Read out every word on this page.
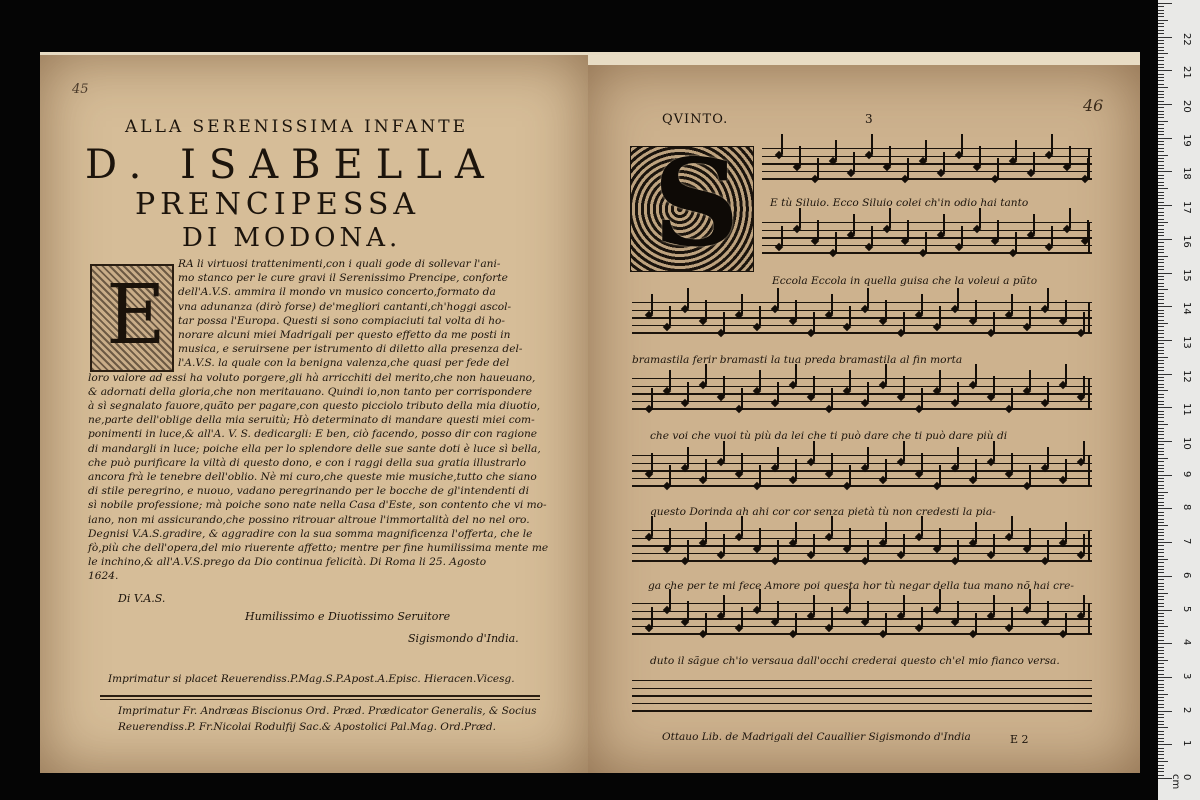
45
ALLA SERENISSIMA INFANTE
D. ISABELLA
PRENCIPESSA
DI MODONA.
E
RA li virtuosi trattenimenti,con i quali gode di sollevar l'ani-
mo stanco per le cure gravi il Serenissimo Prencipe, conforte
dell'A.V.S. ammira il mondo vn musico concerto,formato da
vna adunanza (dirò forse) de'megliori cantanti,ch'hoggi ascol-
tar possa l'Europa. Questi si sono compiaciuti tal volta di ho-
norare alcuni miei Madrigali per questo effetto da me posti in
musica, e seruirsene per istrumento di diletto alla presenza del-
l'A.V.S. la quale con la benigna valenza,che quasi per fede del
loro valore ad essi ha voluto porgere,gli hà arricchiti del merito,che non haueuano,
& adornati della gloria,che non meritauano. Quindi io,non tanto per corrispondere
à sì segnalato fauore,quãto per pagare,con questo picciolo tributo della mia diuotio,
ne,parte dell'oblige della mia seruitù; Hò determinato di mandare questi miei com-
ponimenti in luce,& all'A. V. S. dedicargli: E ben, ciò facendo, posso dir con ragione
di mandargli in luce; poiche ella per lo splendore delle sue sante doti è luce sì bella,
che può purificare la viltà di questo dono, e con i raggi della sua gratia illustrarlo
ancora frà le tenebre dell'oblio. Nè mi curo,che queste mie musiche,tutto che siano
di stile peregrino, e nuouo, vadano peregrinando per le bocche de gl'intendenti di
sì nobile professione; mà poiche sono nate nella Casa d'Este, son contento che vi mo-
iano, non mi assicurando,che possino ritrouar altroue l'immortalità del no nel oro.
Degnisi V.A.S.gradire, & aggradire con la sua somma magnificenza l'offerta, che le
fò,più che dell'opera,del mio riuerente affetto; mentre per fine humilissima mente me
le inchino,& all'A.V.S.prego da Dio continua felicità. Di Roma li 25. Agosto
1624.
Di V.A.S.
Humilissimo e Diuotissimo Seruitore
Sigismondo d'India.
Imprimatur si placet Reuerendiss.P.Mag.S.P.Apost.A.Episc. Hieracen.Vicesg.
Imprimatur Fr. Andræas Biscionus Ord. Præd. Prædicator Generalis, & Socius
Reuerendiss.P. Fr.Nicolai Rodulfij Sac.& Apostolici Pal.Mag. Ord.Præd.
QVINTO.	3
46
S	E tù Siluio. Ecco Siluio colei ch'in odio hai tanto
Eccola Eccola in quella guisa che la voleui a pũto
bramastila ferir bramasti la tua preda bramastila al fin morta
che voi che vuoi tù più da lei che ti può dare che ti può dare più di
questo Dorinda ah ahi cor cor senza pietà tù non credesti la pia-
ga che per te mi fece Amore poi questa hor tù negar della tua mano nõ hai cre-
duto il sãgue ch'io versaua dall'occhi crederai questo ch'el mio fianco versa.
Ottauo Lib. de Madrigali del Cauallier Sigismondo d'India	E 2
0 cm
1
2
3
4
5
6
7
8
9
10
11
12
13
14
15
16
17
18
19
20
21
22
